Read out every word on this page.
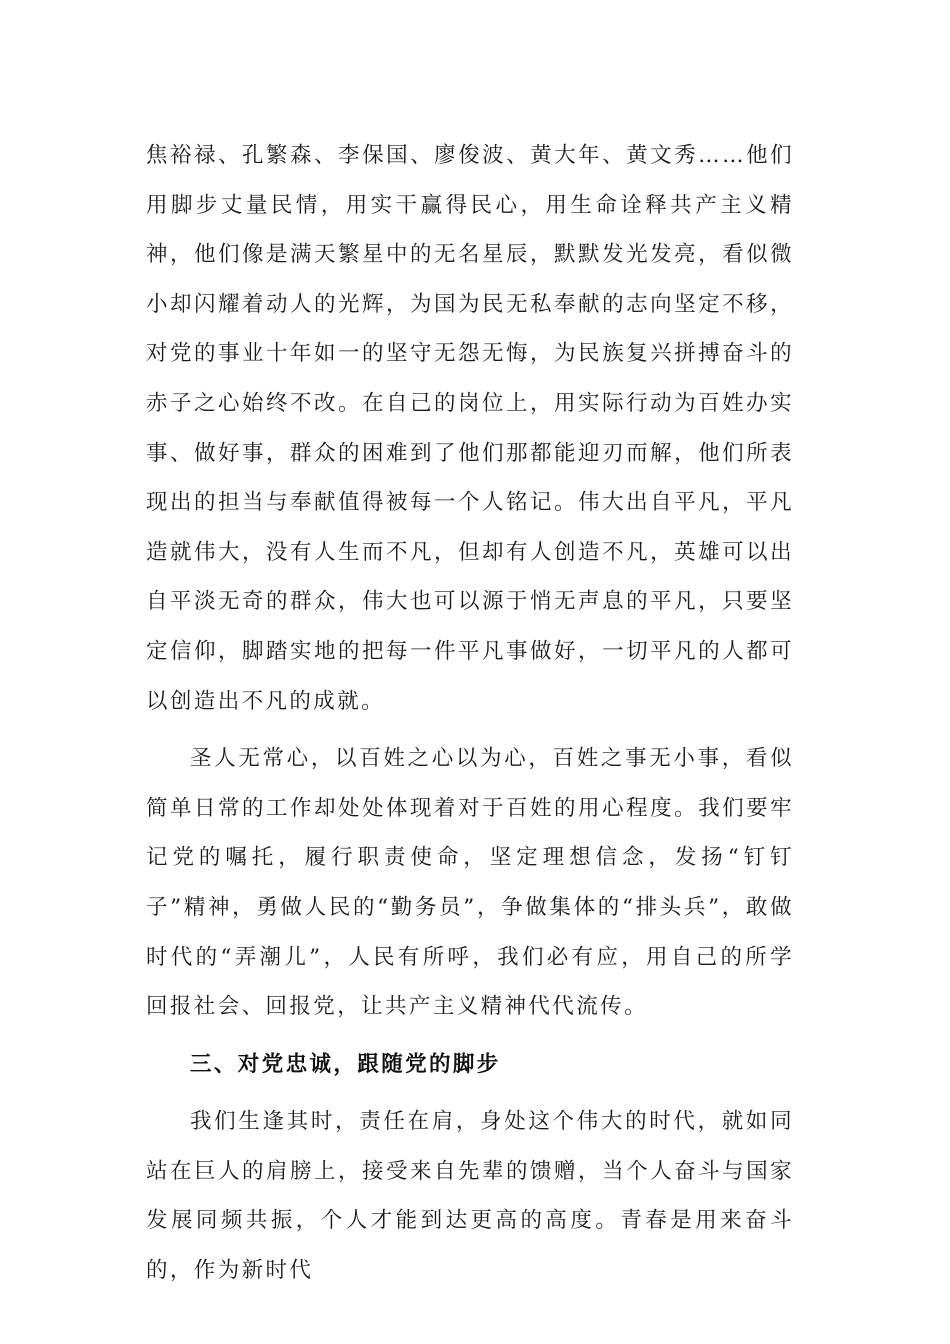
焦裕禄、孔繁森、李保国、廖俊波、黄大年、黄文秀……他们用脚步丈量民情，用实干赢得民心，用生命诠释共产主义精神，他们像是满天繁星中的无名星辰，默默发光发亮，看似微小却闪耀着动人的光辉，为国为民无私奉献的志向坚定不移，对党的事业十年如一的坚守无怨无悔，为民族复兴拼搏奋斗的赤子之心始终不改。在自己的岗位上，用实际行动为百姓办实事、做好事，群众的困难到了他们那都能迎刃而解，他们所表现出的担当与奉献值得被每一个人铭记。伟大出自平凡，平凡造就伟大，没有人生而不凡，但却有人创造不凡，英雄可以出自平淡无奇的群众，伟大也可以源于悄无声息的平凡，只要坚定信仰，脚踏实地的把每一件平凡事做好，一切平凡的人都可以创造出不凡的成就。

圣人无常心，以百姓之心以为心，百姓之事无小事，看似简单日常的工作却处处体现着对于百姓的用心程度。我们要牢记党的嘱托，履行职责使命，坚定理想信念，发扬“钉钉子”精神，勇做人民的“勤务员”，争做集体的“排头兵”，敢做时代的“弄潮儿”，人民有所呼，我们必有应，用自己的所学回报社会、回报党，让共产主义精神代代流传。

三、对党忠诚，跟随党的脚步

我们生逢其时，责任在肩，身处这个伟大的时代，就如同站在巨人的肩膀上，接受来自先辈的馈赠，当个人奋斗与国家发展同频共振，个人才能到达更高的高度。青春是用来奋斗的，作为新时代
